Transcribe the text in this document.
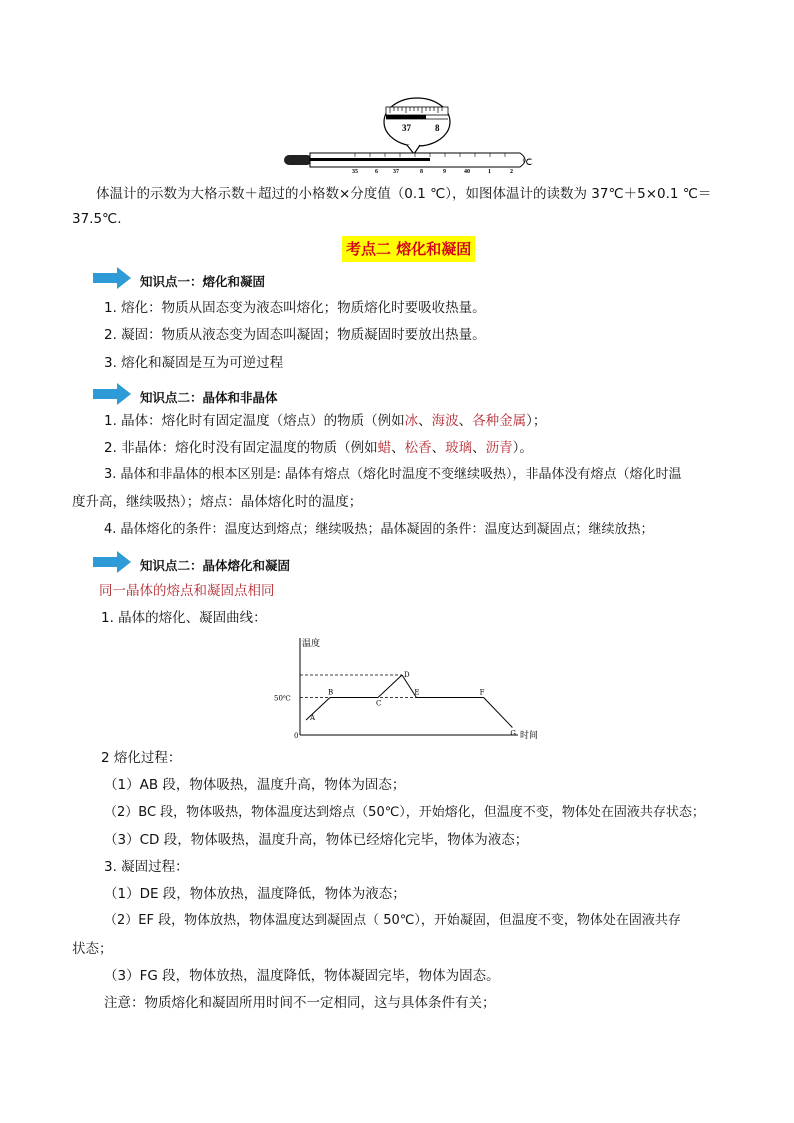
37	8
35	6	37	8	9	40	1	2
℃
体温计的示数为大格示数＋超过的小格数×分度值（0.1 ℃），如图体温计的读数为 37℃＋5×0.1 ℃＝
37.5℃.
考点二 熔化和凝固
知识点一：熔化和凝固
1. 熔化：物质从固态变为液态叫熔化；物质熔化时要吸收热量。
2. 凝固：物质从液态变为固态叫凝固；物质凝固时要放出热量。
3. 熔化和凝固是互为可逆过程
知识点二：晶体和非晶体
1. 晶体：熔化时有固定温度（熔点）的物质（例如冰、海波、各种金属）；
2. 非晶体：熔化时没有固定温度的物质（例如蜡、松香、玻璃、沥青）。
3. 晶体和非晶体的根本区别是: 晶体有熔点（熔化时温度不变继续吸热），非晶体没有熔点（熔化时温
度升高，继续吸热）；熔点：晶体熔化时的温度；
4. 晶体熔化的条件：温度达到熔点；继续吸热；晶体凝固的条件：温度达到凝固点；继续放热；
知识点二：晶体熔化和凝固
同一晶体的熔点和凝固点相同
1. 晶体的熔化、凝固曲线：
温度
时间
0
50℃
A
B
C
D
E	F
G
2 熔化过程：
（1）AB 段，物体吸热，温度升高，物体为固态；
（2）BC 段，物体吸热，物体温度达到熔点（50℃），开始熔化，但温度不变，物体处在固液共存状态；
（3）CD 段，物体吸热，温度升高，物体已经熔化完毕，物体为液态；
3. 凝固过程：
（1）DE 段，物体放热，温度降低，物体为液态；
（2）EF 段，物体放热，物体温度达到凝固点（ 50℃），开始凝固，但温度不变，物体处在固液共存
状态；
（3）FG 段，物体放热，温度降低，物体凝固完毕，物体为固态。
注意：物质熔化和凝固所用时间不一定相同，这与具体条件有关；
